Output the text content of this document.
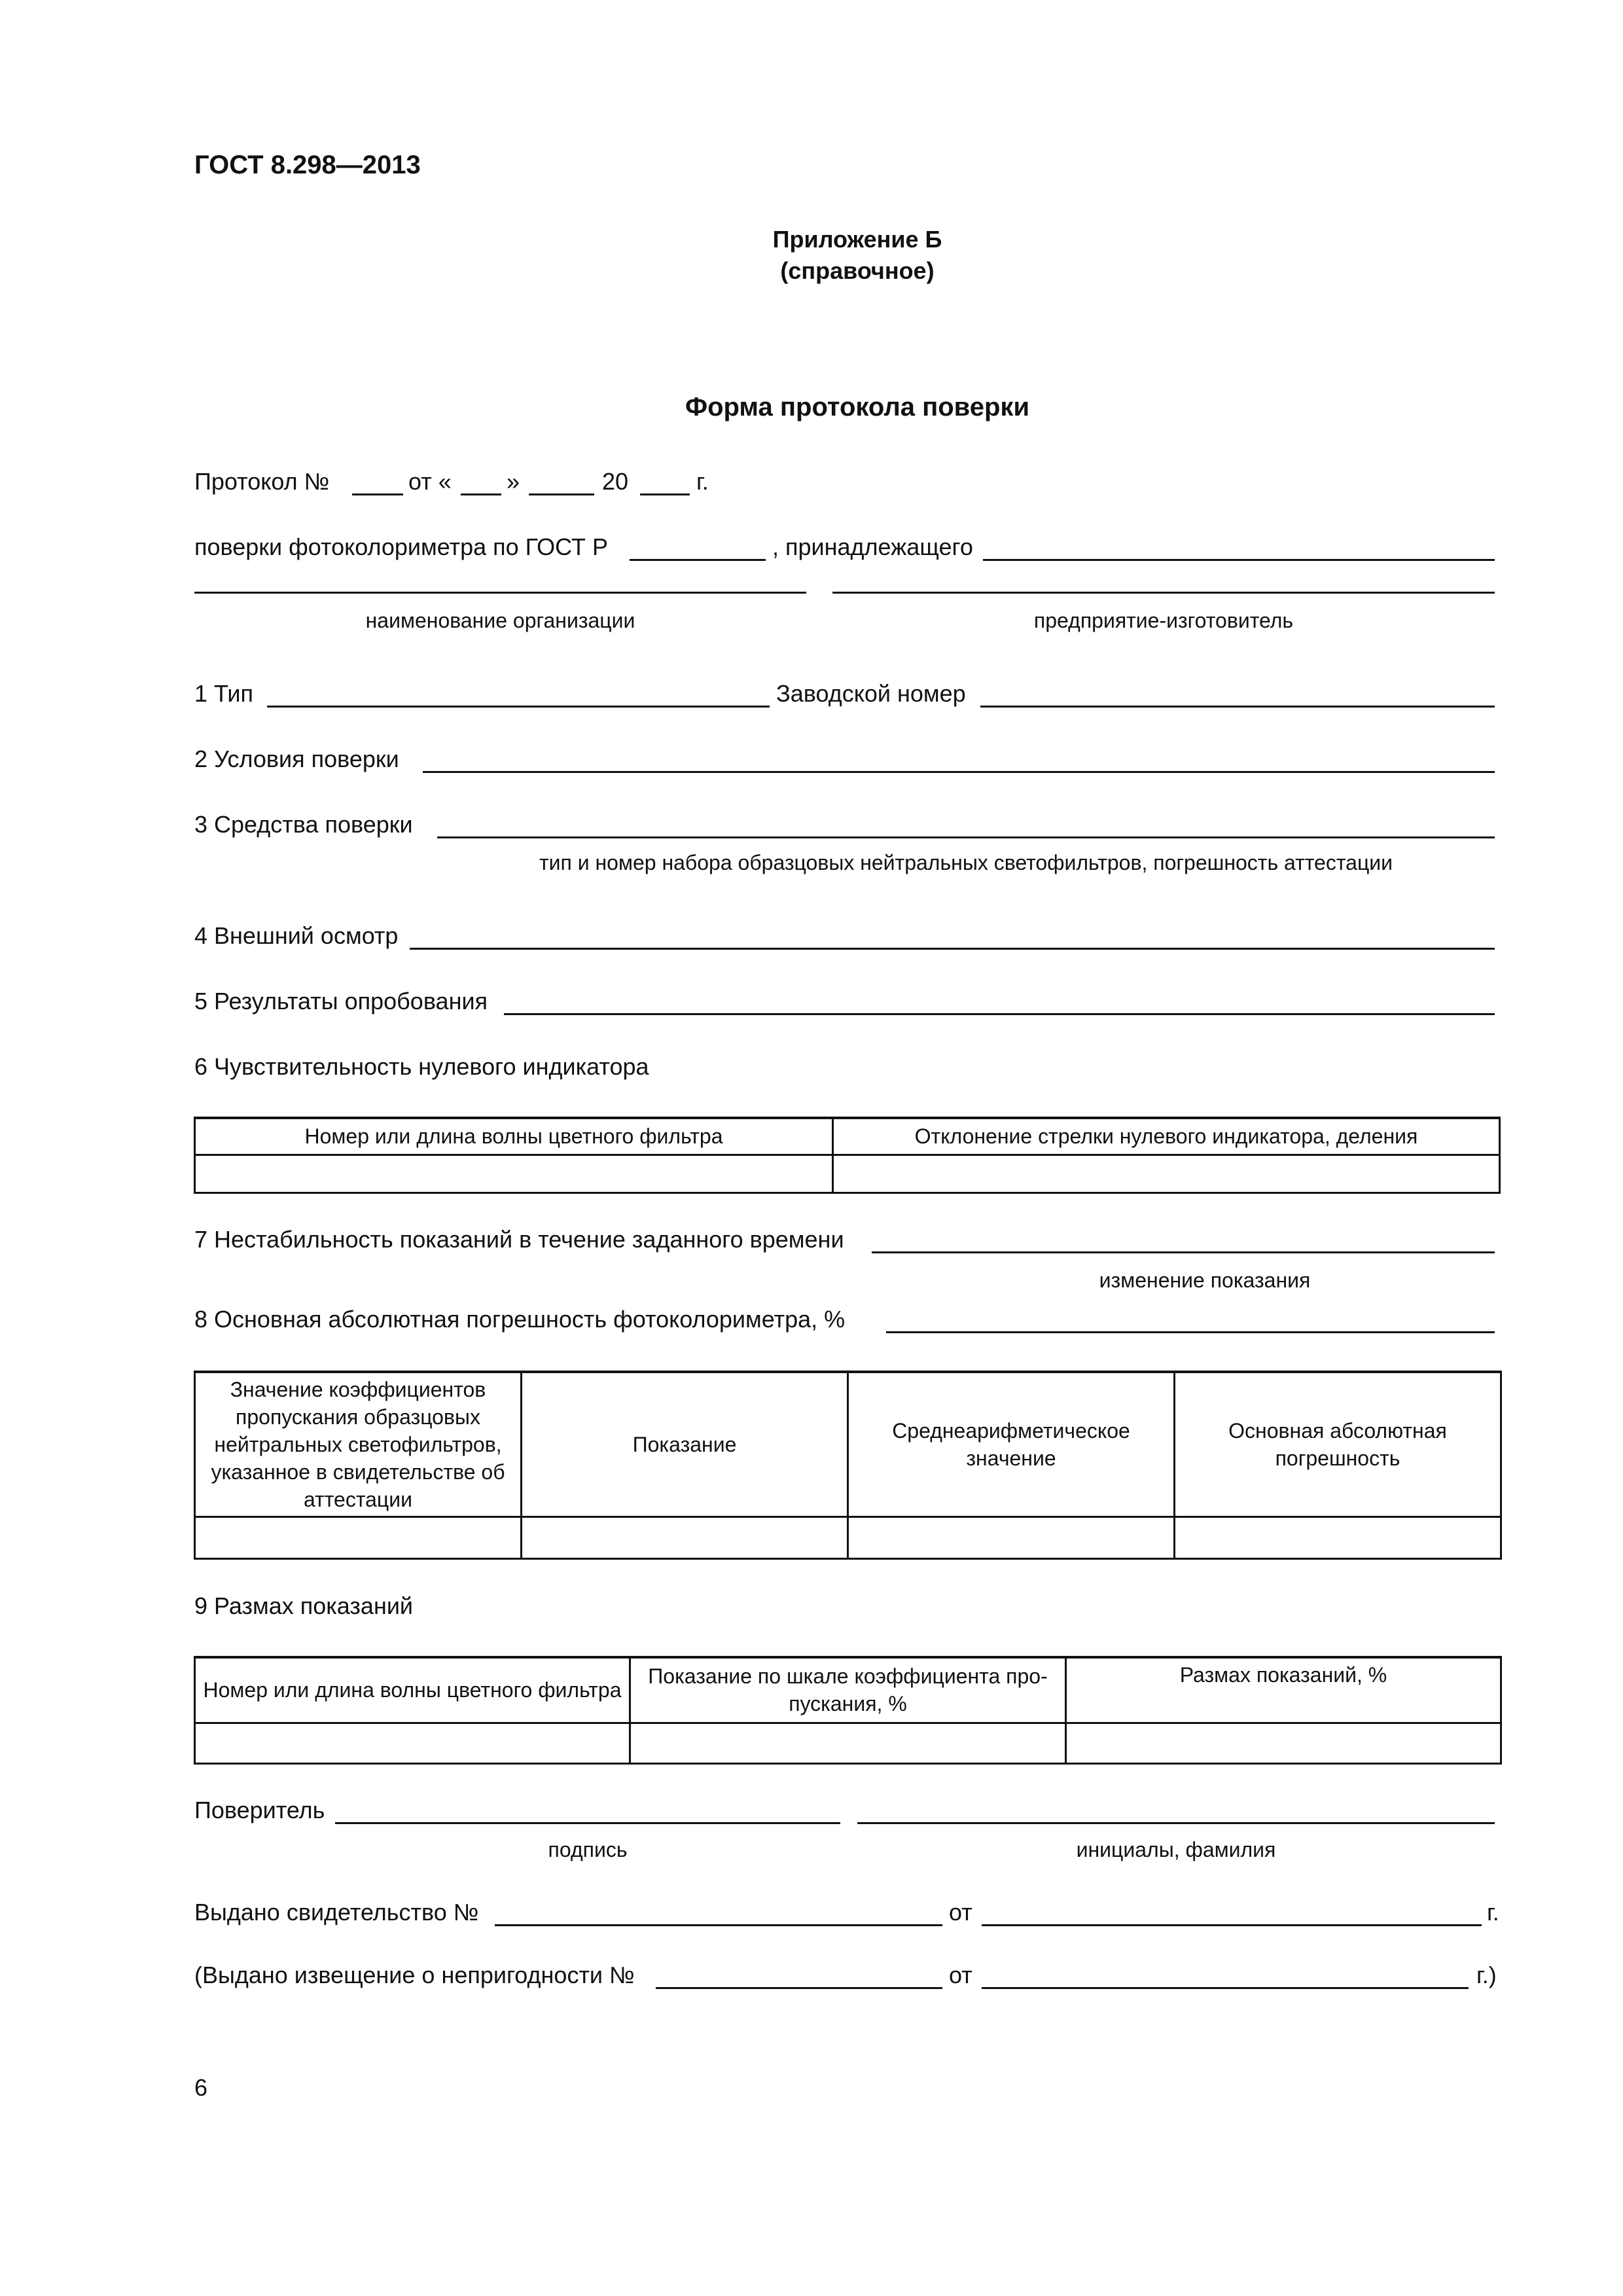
ГОСТ 8.298—2013
Приложение Б
(справочное)
Форма протокола поверки
Протокол №	от « »	20	г.
поверки фотоколориметра по ГОСТ Р	, принадлежащего
наименование организации	предприятие-изготовитель
1 Тип	Заводской номер
2 Условия поверки
3 Средства поверки
тип и номер набора образцовых нейтральных светофильтров, погрешность аттестации
4 Внешний осмотр
5 Результаты опробования
6 Чувствительность нулевого индикатора
Номер или длина волны цветного фильтра	Отклонение стрелки нулевого индикатора, деления

7 Нестабильность показаний в течение заданного времени
изменение показания
8 Основная абсолютная погрешность фотоколориметра, %
Значение коэффициентов пропускания образцовых нейтральных светофильтров, указанное в свидетельстве об аттестации	Показание	Среднеарифметическое значение	Основная абсолютная погрешность

9 Размах показаний
Номер или длина волны цветного фильтра	Показание по шкале коэффициента про-пускания, %	Размах показаний, %

Поверитель
подпись	инициалы, фамилия
Выдано свидетельство №	от	г.
(Выдано извещение о непригодности №	от	г.)
6
